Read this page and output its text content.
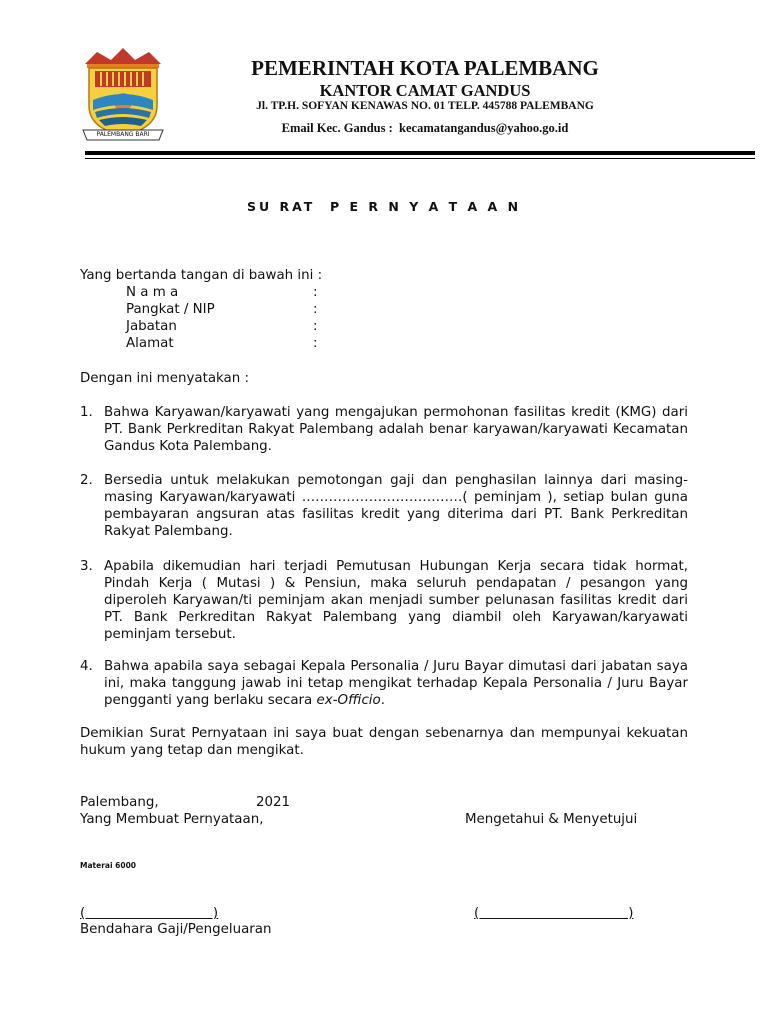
PALEMBANG BARI
PEMERINTAH KOTA PALEMBANG
KANTOR CAMAT GANDUS
Jl. TP.H. SOFYAN KENAWAS NO. 01 TELP. 445788 PALEMBANG
Email Kec. Gandus : kecamatangandus@yahoo.go.id
SU RAT  P E R N Y A T A A N
Yang bertanda tangan di bawah ini :
N a m a	:
Pangkat / NIP	:
Jabatan	:
Alamat	:
Dengan ini menyatakan :
1. Bahwa Karyawan/karyawati yang mengajukan permohonan fasilitas kredit (KMG) dari PT. Bank Perkreditan Rakyat Palembang adalah benar karyawan/karyawati Kecamatan Gandus Kota Palembang.
2. Bersedia untuk melakukan pemotongan gaji dan penghasilan lainnya dari masing-masing Karyawan/karyawati ………………………………( peminjam ), setiap bulan guna pembayaran angsuran atas fasilitas kredit yang diterima dari PT. Bank Perkreditan Rakyat Palembang.
3. Apabila dikemudian hari terjadi Pemutusan Hubungan Kerja secara tidak hormat, Pindah Kerja ( Mutasi ) & Pensiun, maka seluruh pendapatan / pesangon yang diperoleh Karyawan/ti peminjam akan menjadi sumber pelunasan fasilitas kredit dari PT. Bank Perkreditan Rakyat Palembang yang diambil oleh Karyawan/karyawati peminjam tersebut.
4. Bahwa apabila saya sebagai Kepala Personalia / Juru Bayar dimutasi dari jabatan saya ini, maka tanggung jawab ini tetap mengikat terhadap Kepala Personalia / Juru Bayar pengganti yang berlaku secara ex-Officio.
Demikian Surat Pernyataan ini saya buat dengan sebenarnya dan mempunyai kekuatan hukum yang tetap dan mengikat.
Palembang,	2021
Yang Membuat Pernyataan,	Mengetahui & Menyetujui
Materai 6000
(                              )	(                                   )
Bendahara Gaji/Pengeluaran
